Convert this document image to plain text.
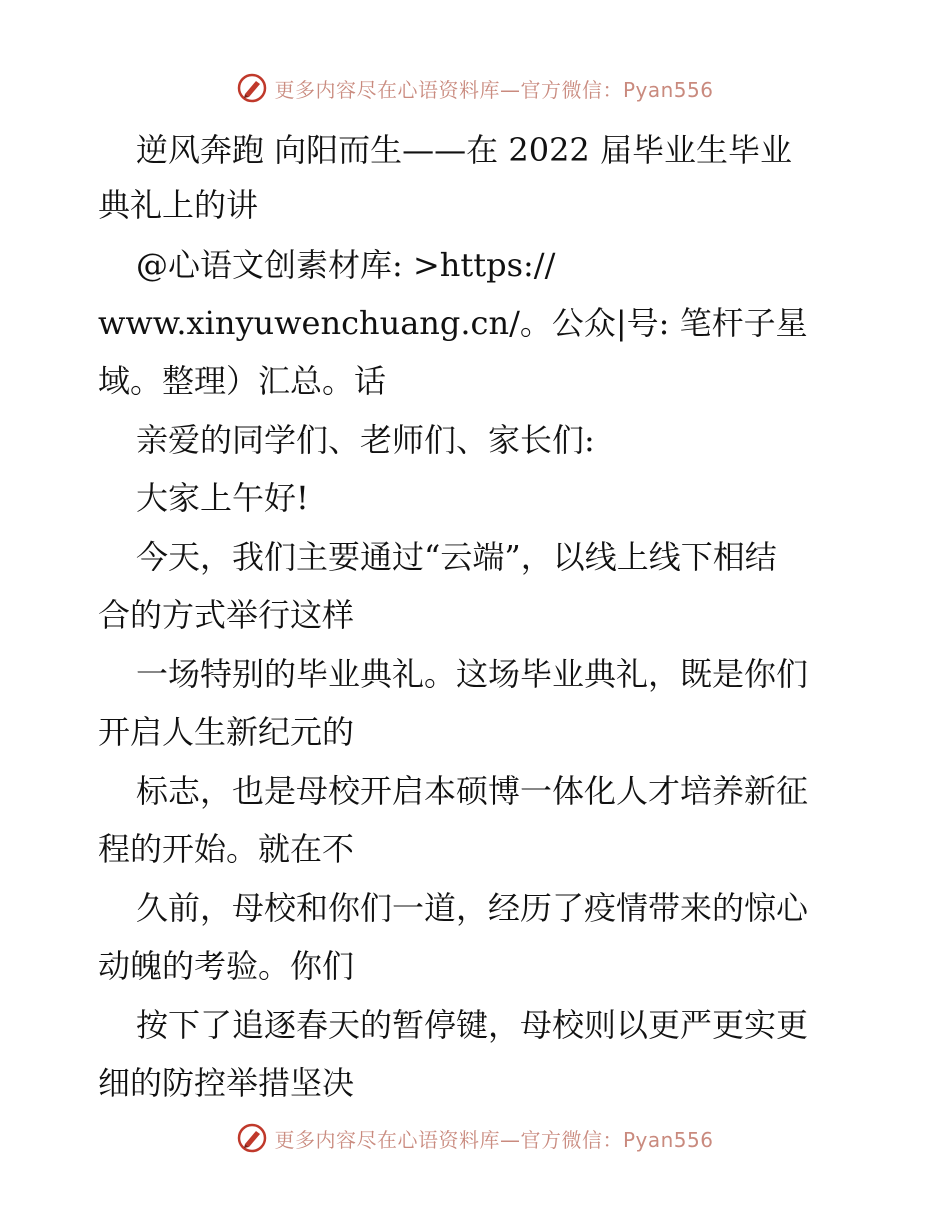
更多内容尽在心语资料库—官方微信：Pyan556
逆风奔跑 向阳而生——在 2022 届毕业生毕业
典礼上的讲
@心语文创素材库: >https://
www.xinyuwenchuang.cn/。公众|号: 笔杆子星
域。整理）汇总。话
亲爱的同学们、老师们、家长们:
大家上午好!
今天，我们主要通过“云端”，以线上线下相结
合的方式举行这样
一场特别的毕业典礼。这场毕业典礼，既是你们
开启人生新纪元的
标志，也是母校开启本硕博一体化人才培养新征
程的开始。就在不
久前，母校和你们一道，经历了疫情带来的惊心
动魄的考验。你们
按下了追逐春天的暂停键，母校则以更严更实更
细的防控举措坚决
更多内容尽在心语资料库—官方微信：Pyan556
